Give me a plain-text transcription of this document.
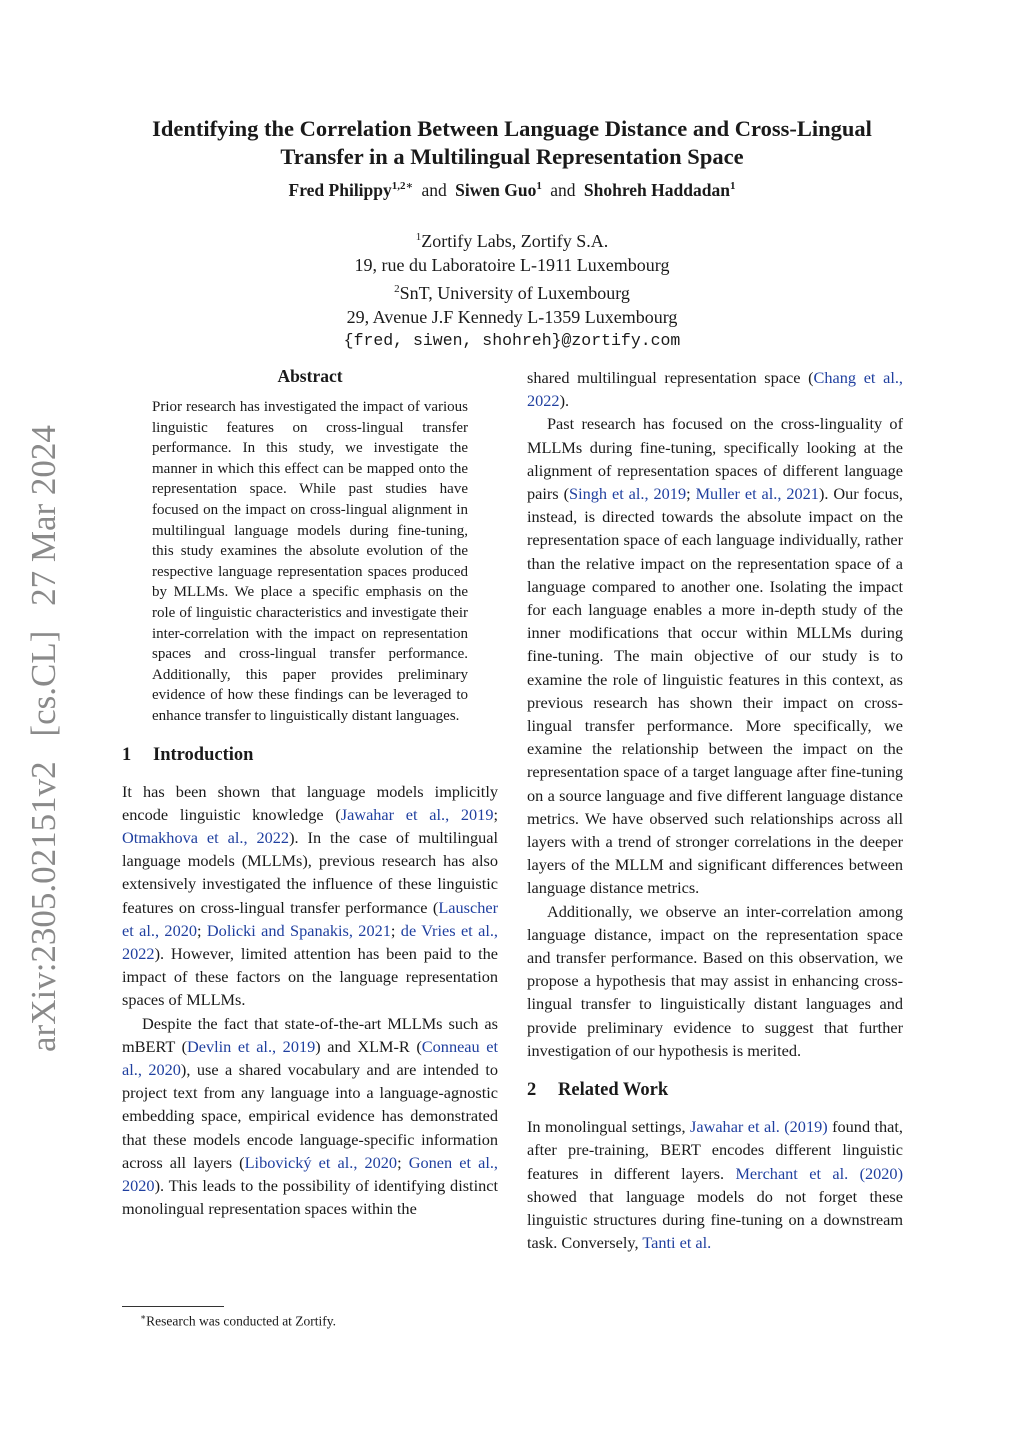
arXiv:2305.02151v2 [cs.CL] 27 Mar 2024
Identifying the Correlation Between Language Distance and Cross-Lingual
Transfer in a Multilingual Representation Space
Fred Philippy$^{1,2∗}$ and Siwen Guo$^1$ and Shohreh Haddadan$^1$
$^1$Zortify Labs, Zortify S.A.
19, rue du Laboratoire L-1911 Luxembourg
$^2$SnT, University of Luxembourg
29, Avenue J.F Kennedy L-1359 Luxembourg
{fred, siwen, shohreh}@zortify.com
Abstract
Prior research has investigated the impact of various linguistic features on cross-lingual transfer performance. In this study, we investigate the manner in which this effect can be mapped onto the representation space. While past studies have focused on the impact on cross-lingual alignment in multilingual language models during fine-tuning, this study examines the absolute evolution of the respective language representation spaces produced by MLLMs. We place a specific emphasis on the role of linguistic characteristics and investigate their inter-correlation with the impact on representation spaces and cross-lingual transfer performance. Additionally, this paper provides preliminary evidence of how these findings can be leveraged to enhance transfer to linguistically distant languages.
1 Introduction

It has been shown that language models implicitly encode linguistic knowledge (Jawahar et al., 2019; Otmakhova et al., 2022). In the case of multilingual language models (MLLMs), previous research has also extensively investigated the influence of these linguistic features on cross-lingual transfer performance (Lauscher et al., 2020; Dolicki and Spanakis, 2021; de Vries et al., 2022). However, limited attention has been paid to the impact of these factors on the language representation spaces of MLLMs.

Despite the fact that state-of-the-art MLLMs such as mBERT (Devlin et al., 2019) and XLM-R (Conneau et al., 2020), use a shared vocabulary and are intended to project text from any language into a language-agnostic embedding space, empirical evidence has demonstrated that these models encode language-specific information across all layers (Libovický et al., 2020; Gonen et al., 2020). This leads to the possibility of identifying distinct monolingual representation spaces within the

shared multilingual representation space (Chang et al., 2022).

Past research has focused on the cross-linguality of MLLMs during fine-tuning, specifically looking at the alignment of representation spaces of different language pairs (Singh et al., 2019; Muller et al., 2021). Our focus, instead, is directed towards the absolute impact on the representation space of each language individually, rather than the relative impact on the representation space of a language compared to another one. Isolating the impact for each language enables a more in-depth study of the inner modifications that occur within MLLMs during fine-tuning. The main objective of our study is to examine the role of linguistic features in this context, as previous research has shown their impact on cross-lingual transfer performance. More specifically, we examine the relationship between the impact on the representation space of a target language after fine-tuning on a source language and five different language distance metrics. We have observed such relationships across all layers with a trend of stronger correlations in the deeper layers of the MLLM and significant differences between language distance metrics.

Additionally, we observe an inter-correlation among language distance, impact on the representation space and transfer performance. Based on this observation, we propose a hypothesis that may assist in enhancing cross-lingual transfer to linguistically distant languages and provide preliminary evidence to suggest that further investigation of our hypothesis is merited.

2 Related Work

In monolingual settings, Jawahar et al. (2019) found that, after pre-training, BERT encodes different linguistic features in different layers. Merchant et al. (2020) showed that language models do not forget these linguistic structures during fine-tuning on a downstream task. Conversely, Tanti et al.

∗Research was conducted at Zortify.
